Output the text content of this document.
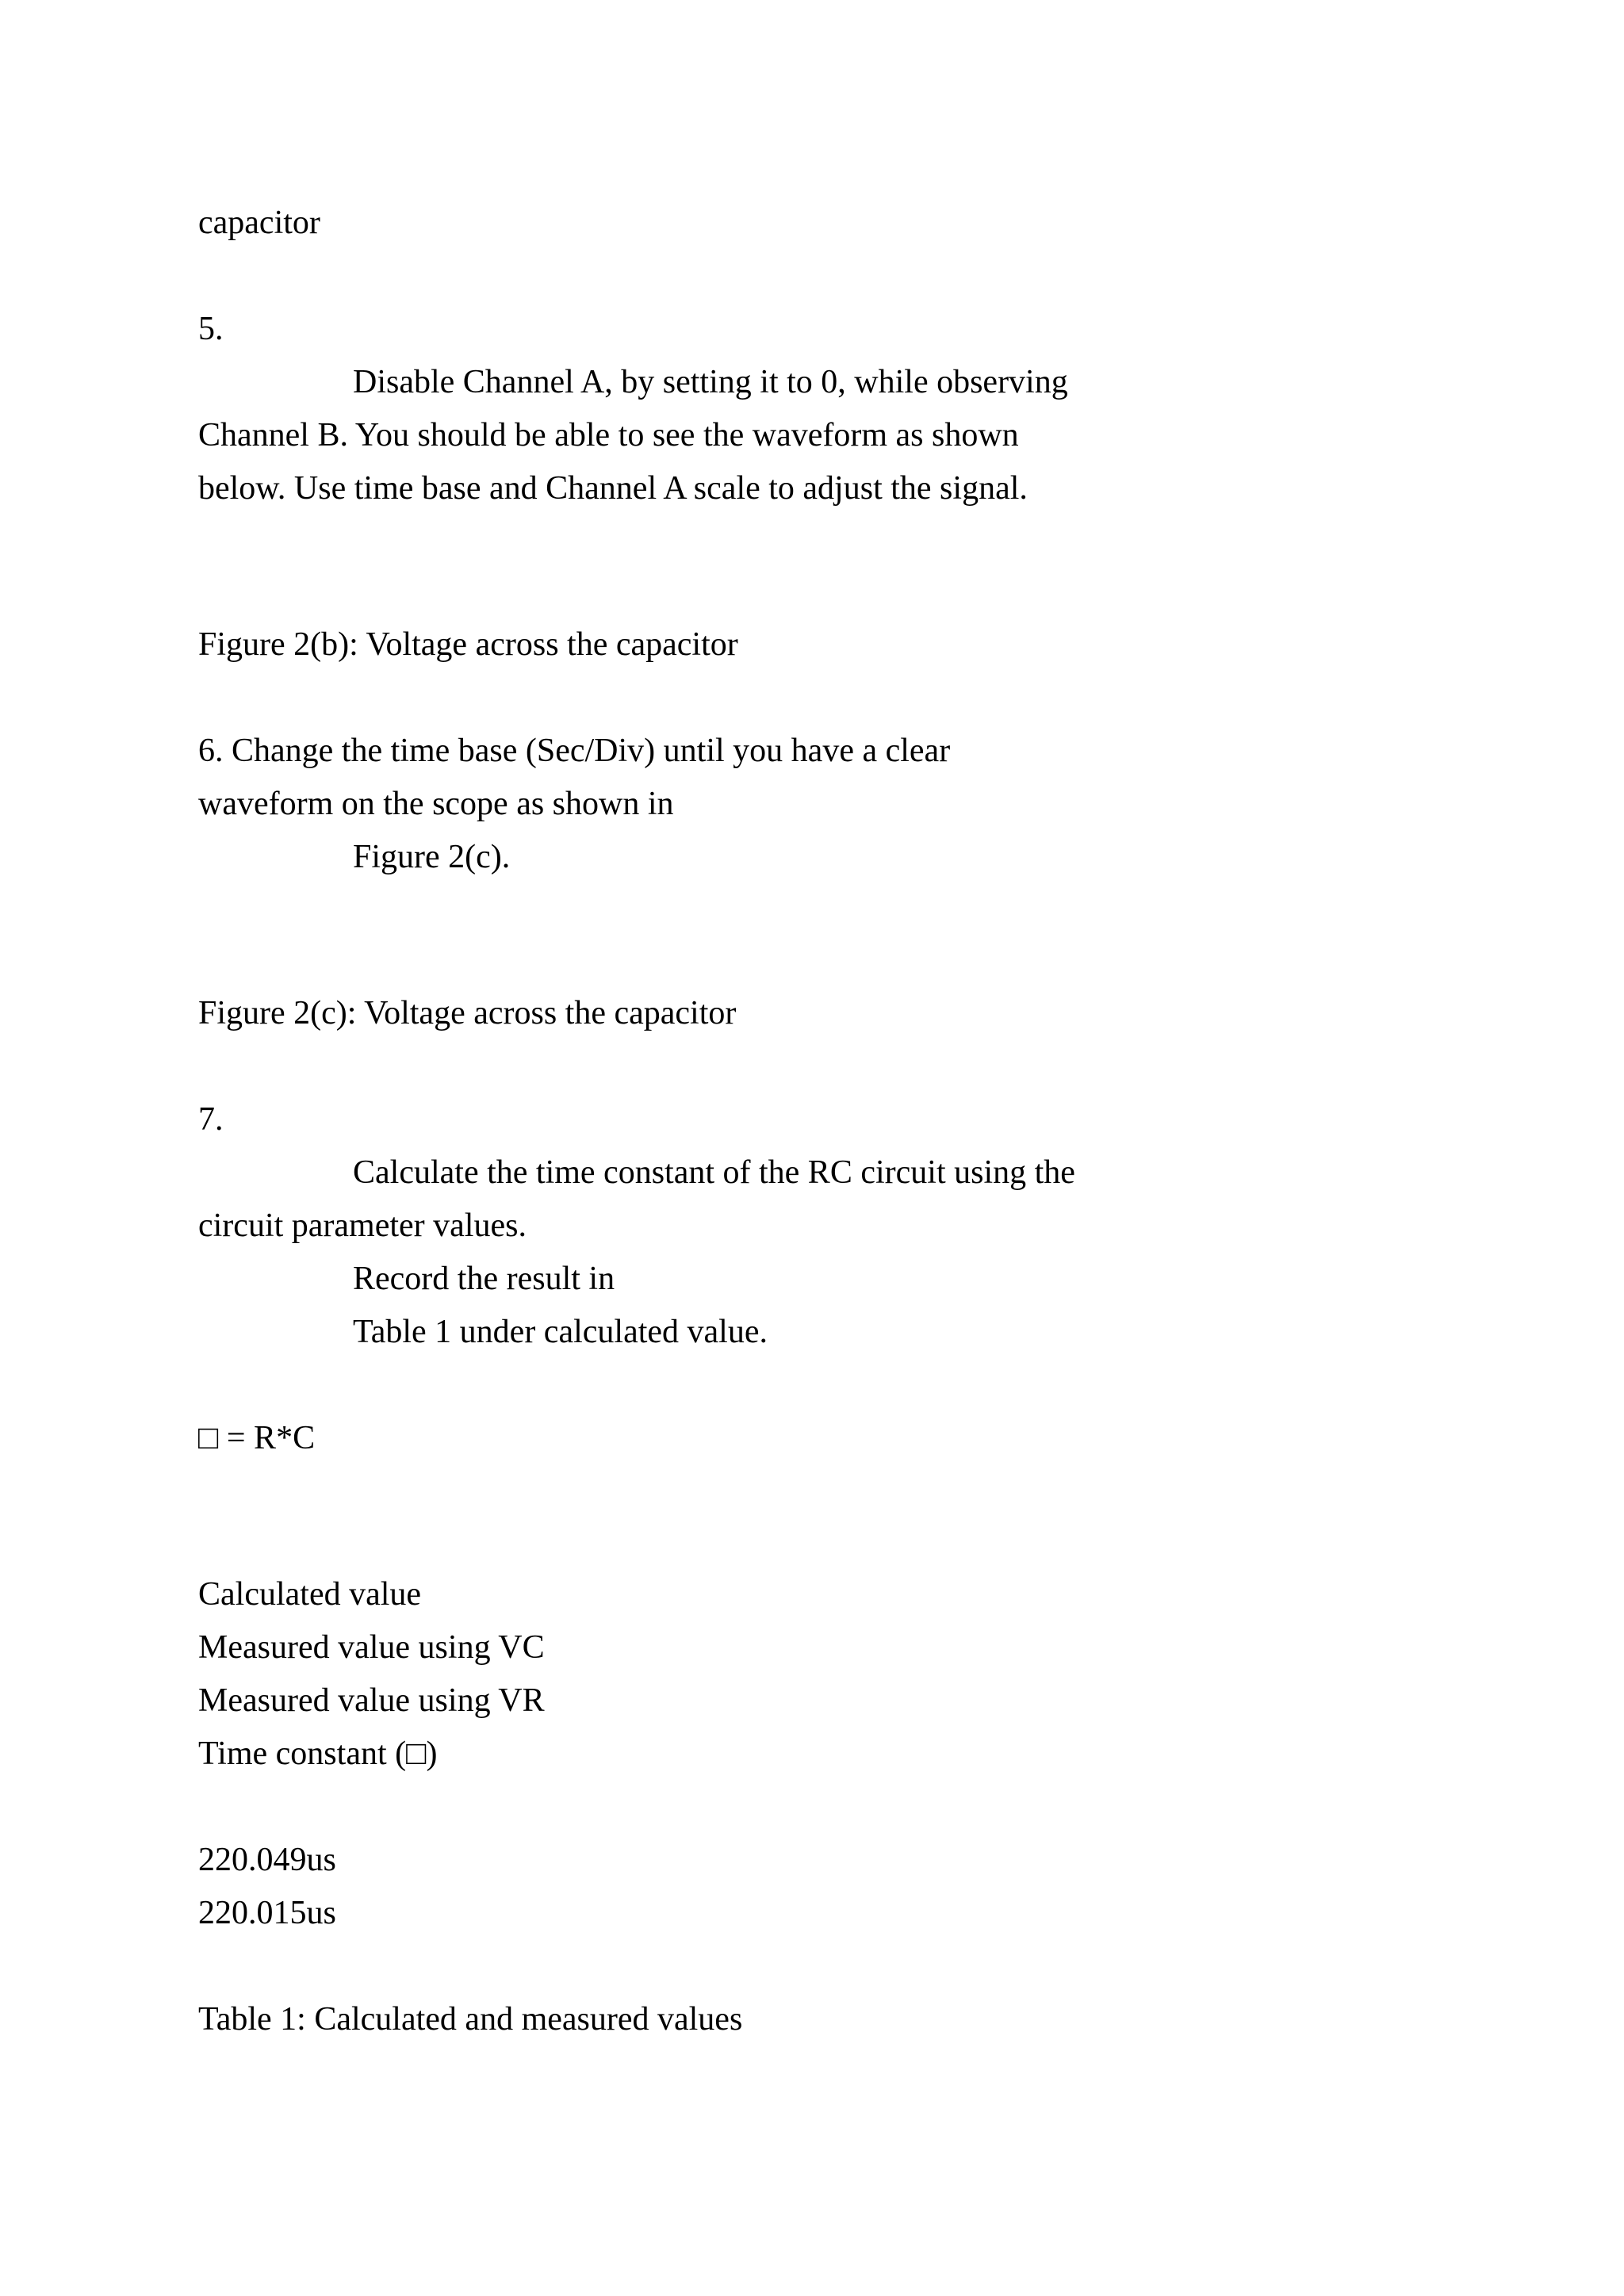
capacitor
5.
Disable Channel A, by setting it to 0, while observing
Channel B. You should be able to see the waveform as shown
below. Use time base and Channel A scale to adjust the signal.
Figure 2(b): Voltage across the capacitor
6. Change the time base (Sec/Div) until you have a clear
waveform on the scope as shown in
Figure 2(c).
Figure 2(c): Voltage across the capacitor
7.
Calculate the time constant of the RC circuit using the
circuit parameter values.
Record the result in
Table 1 under calculated value.
□ = R*C
Calculated value
Measured value using VC
Measured value using VR
Time constant (□)
220.049us
220.015us
Table 1: Calculated and measured values
